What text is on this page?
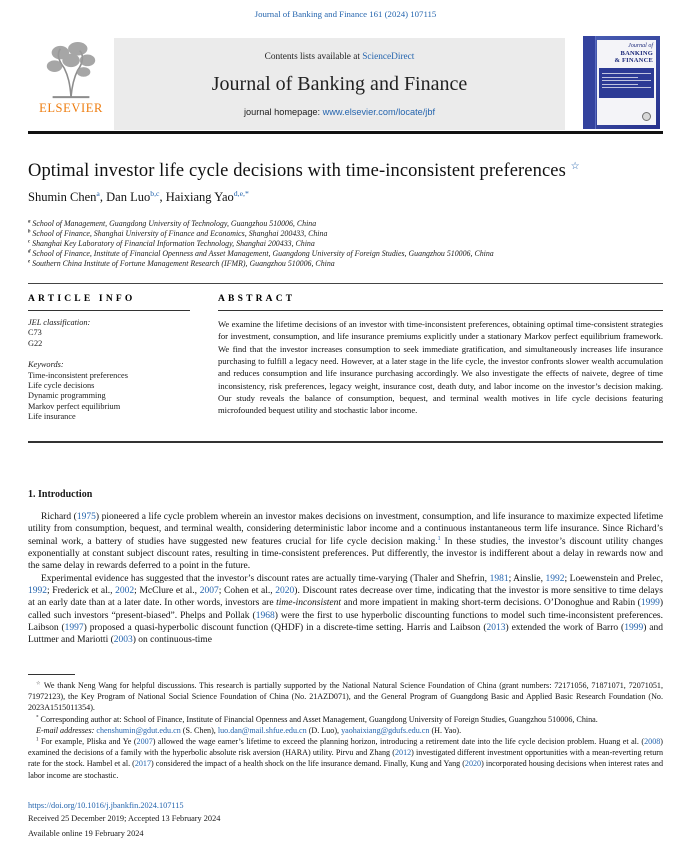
Journal of Banking and Finance 161 (2024) 107115
ELSEVIER
Contents lists available at ScienceDirect
Journal of Banking and Finance
journal homepage: www.elsevier.com/locate/jbf
Journal of
BANKING
& FINANCE
Optimal investor life cycle decisions with time-inconsistent preferences ☆
Shumin Chen$^a$, Dan Luo$^{b,c}$, Haixiang Yao$^{d,e,*}$
$^a$ School of Management, Guangdong University of Technology, Guangzhou 510006, China
$^b$ School of Finance, Shanghai University of Finance and Economics, Shanghai 200433, China
$^c$ Shanghai Key Laboratory of Financial Information Technology, Shanghai 200433, China
$^d$ School of Finance, Institute of Financial Openness and Asset Management, Guangdong University of Foreign Studies, Guangzhou 510006, China
$^e$ Southern China Institute of Fortune Management Research (IFMR), Guangzhou 510006, China
ARTICLE INFO
JEL classification:
C73
G22
Keywords:
Time-inconsistent preferences
Life cycle decisions
Dynamic programming
Markov perfect equilibrium
Life insurance
ABSTRACT

We examine the lifetime decisions of an investor with time-inconsistent preferences, obtaining optimal time-consistent strategies for investment, consumption, and life insurance premiums explicitly under a stationary Markov perfect equilibrium framework. We find that the investor increases consumption to seek immediate gratification, and simultaneously increases life insurance purchasing to fulfill a legacy need. However, at a later stage in the life cycle, the investor confronts slower wealth accumulation and reduces consumption and life insurance purchasing accordingly. We also investigate the effects of naivete, degree of time inconsistency, risk preferences, legacy weight, insurance cost, death duty, and labor income on the investor’s decision making. Our study reveals the balance of consumption, bequest, and terminal wealth motives in life cycle decisions featuring microfounded bequest utility and stochastic labor income.

1. Introduction

Richard (1975) pioneered a life cycle problem wherein an investor makes decisions on investment, consumption, and life insurance to maximize expected lifetime utility from consumption, bequest, and terminal wealth, considering deterministic labor income and a continuous instantaneous term life insurance. Since Richard’s seminal work, a battery of studies have suggested new features crucial for life cycle decision making.$^1$ In these studies, the investor’s discount utility changes exponentially at constant subject discount rates, resulting in time-consistent preferences. Put differently, the investor is indifferent about a delay in rewards now and the same delay in rewards deferred to a point in the future.

Experimental evidence has suggested that the investor’s discount rates are actually time-varying (Thaler and Shefrin, 1981; Ainslie, 1992; Loewenstein and Prelec, 1992; Frederick et al., 2002; McClure et al., 2007; Cohen et al., 2020). Discount rates decrease over time, indicating that the investor is more sensitive to time delays at an early date than at a later date. In other words, investors are time-inconsistent and more impatient in making short-term decisions. O’Donoghue and Rabin (1999) called such investors “present-biased”. Phelps and Pollak (1968) were the first to use hyperbolic discounting functions to model such time-inconsistent preferences. Laibson (1997) proposed a quasi-hyperbolic discount function (QHDF) in a discrete-time setting. Harris and Laibson (2013) extended the work of Barro (1999) and Luttmer and Mariotti (2003) on continuous-time

☆ We thank Neng Wang for helpful discussions. This research is partially supported by the National Natural Science Foundation of China (grant numbers: 72171056, 71871071, 72071051, 71972123), the Key Program of National Social Science Foundation of China (No. 21AZD071), and the General Program of Guangdong Basic and Applied Basic Research Foundation (No. 2023A1515011354).

* Corresponding author at: School of Finance, Institute of Financial Openness and Asset Management, Guangdong University of Foreign Studies, Guangzhou 510006, China.

E-mail addresses: chenshumin@gdut.edu.cn (S. Chen), luo.dan@mail.shfue.edu.cn (D. Luo), yaohaixiang@gdufs.edu.cn (H. Yao).

$^1$ For example, Pliska and Ye (2007) allowed the wage earner’s lifetime to exceed the planning horizon, introducing a retirement date into the life cycle decision problem. Huang et al. (2008) examined the decisions of a family with the hyperbolic absolute risk aversion (HARA) utility. Pirvu and Zhang (2012) investigated different investment opportunities with a mean-reverting return rate for the stock. Hambel et al. (2017) considered the impact of a health shock on the life insurance demand. Finally, Kung and Yang (2020) incorporated housing decisions when interest rates and labor income are stochastic.

https://doi.org/10.1016/j.jbankfin.2024.107115
Received 25 December 2019; Accepted 13 February 2024
Available online 19 February 2024
